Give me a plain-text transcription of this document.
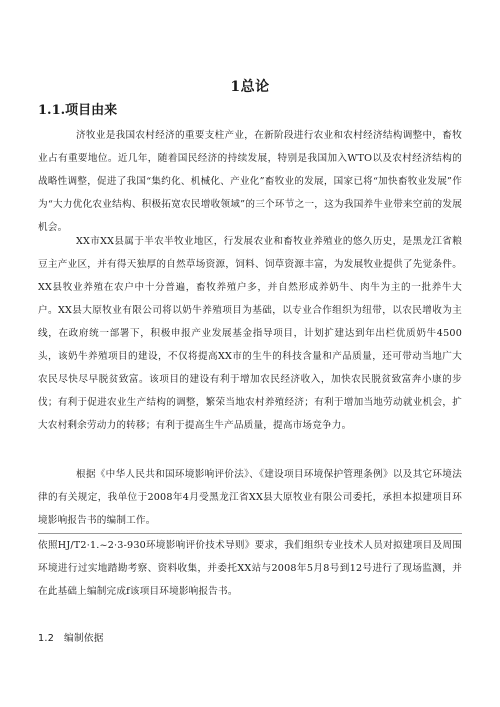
1总论
1.1.项目由来

济牧业是我国农村经济的重要支柱产业，在新阶段进行农业和农村经济结构调整中，畜牧业占有重要地位。近几年，随着国民经济的持续发展，特别是我国加入WTO以及农村经济结构的战略性调整，促进了我国“集约化、机械化、产业化”畜牧业的发展，国家已将“加快畜牧业发展”作为“大力优化农业结构、积极拓宽农民增收领域”的三个环节之一，这为我国养牛业带来空前的发展机会。

XX市XX县属于半农半牧业地区，行发展农业和畜牧业养殖业的悠久历史，是黑龙江省粮豆主产业区，并有得天独厚的自然草场资源，饲料、饲草资源丰富，为发展牧业提供了先觉条件。XX县牧业养殖在农户中十分普遍，畜牧养殖户多，并自然形成养奶牛、肉牛为主的一批养牛大户。XX县大原牧业有限公司将以奶牛养殖项目为基础，以专业合作组织为纽带，以农民增收为主线，在政府统一部署下，积极申报产业发展基金指导项目，计划扩建达到年出栏优质奶牛4500头，该奶牛养殖项目的建设，不仅将提高XX市的生牛的科技含量和产品质量，还可带动当地广大农民尽快尽早脱贫致富。该项目的建设有利于增加农民经济收入，加快农民脱贫致富奔小康的步伐；有利于促进农业生产结构的调整，繁荣当地农村养殖经济；有利于增加当地劳动就业机会，扩大农村剩余劳动力的转移；有利于提高生牛产品质量，提高市场竞争力。

根据《中华人民共和国环境影响评价法》、《建设项目环境保护管理条例》以及其它环境法律的有关规定，我单位于2008年4月受黑龙江省XX县大原牧业有限公司委托，承担本拟建项目环境影响报告书的编制工作。

依照HJ/T2·1.~2·3-930环境影响评价技术导则》要求，我们组织专业技术人员对拟建项目及周围环境进行过实地踏勘考察、资料收集，并委托XX站与2008年5月8号到12号进行了现场监测，并在此基础上编制完成f该项目环境影响报告书。

1.2　编制依据
